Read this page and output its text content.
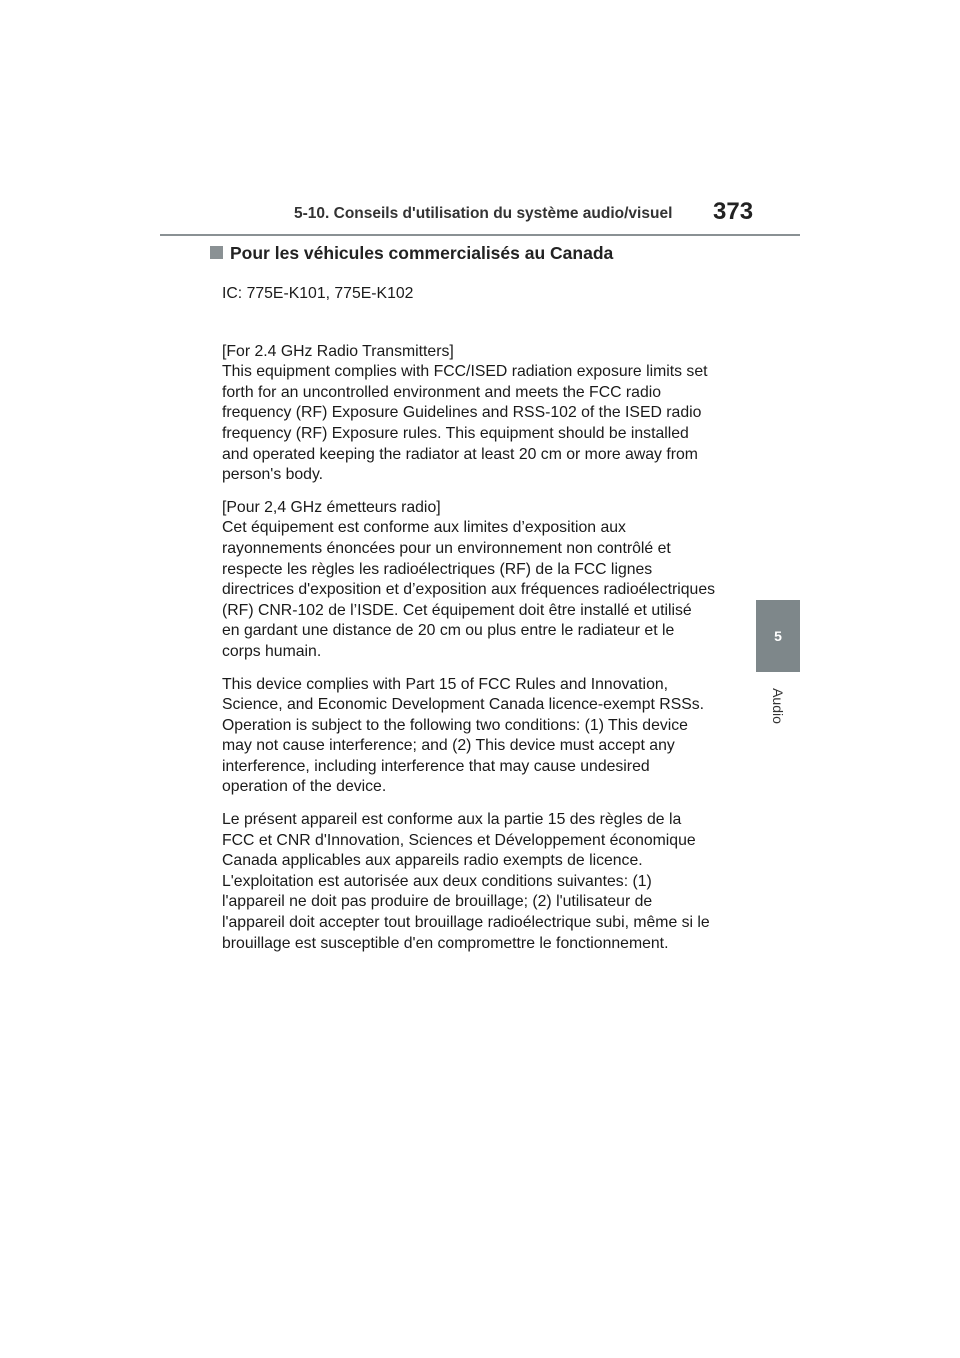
5-10. Conseils d'utilisation du système audio/visuel 373
Pour les véhicules commercialisés au Canada
5
Audio

IC: 775E-K101, 775E-K102

[For 2.4 GHz Radio Transmitters]
This equipment complies with FCC/ISED radiation exposure limits set
forth for an uncontrolled environment and meets the FCC radio
frequency (RF) Exposure Guidelines and RSS-102 of the ISED radio
frequency (RF) Exposure rules. This equipment should be installed
and operated keeping the radiator at least 20 cm or more away from
person's body.

[Pour 2,4 GHz émetteurs radio]
Cet équipement est conforme aux limites d’exposition aux
rayonnements énoncées pour un environnement non contrôlé et
respecte les règles les radioélectriques (RF) de la FCC lignes
directrices d'exposition et d’exposition aux fréquences radioélectriques
(RF) CNR-102 de l’ISDE. Cet équipement doit être installé et utilisé
en gardant une distance de 20 cm ou plus entre le radiateur et le
corps humain.

This device complies with Part 15 of FCC Rules and Innovation,
Science, and Economic Development Canada licence-exempt RSSs.
Operation is subject to the following two conditions: (1) This device
may not cause interference; and (2) This device must accept any
interference, including interference that may cause undesired
operation of the device.

Le présent appareil est conforme aux la partie 15 des règles de la
FCC et CNR d'Innovation, Sciences et Développement économique
Canada applicables aux appareils radio exempts de licence.
L'exploitation est autorisée aux deux conditions suivantes: (1)
l'appareil ne doit pas produire de brouillage; (2) l'utilisateur de
l'appareil doit accepter tout brouillage radioélectrique subi, même si le
brouillage est susceptible d'en compromettre le fonctionnement.
